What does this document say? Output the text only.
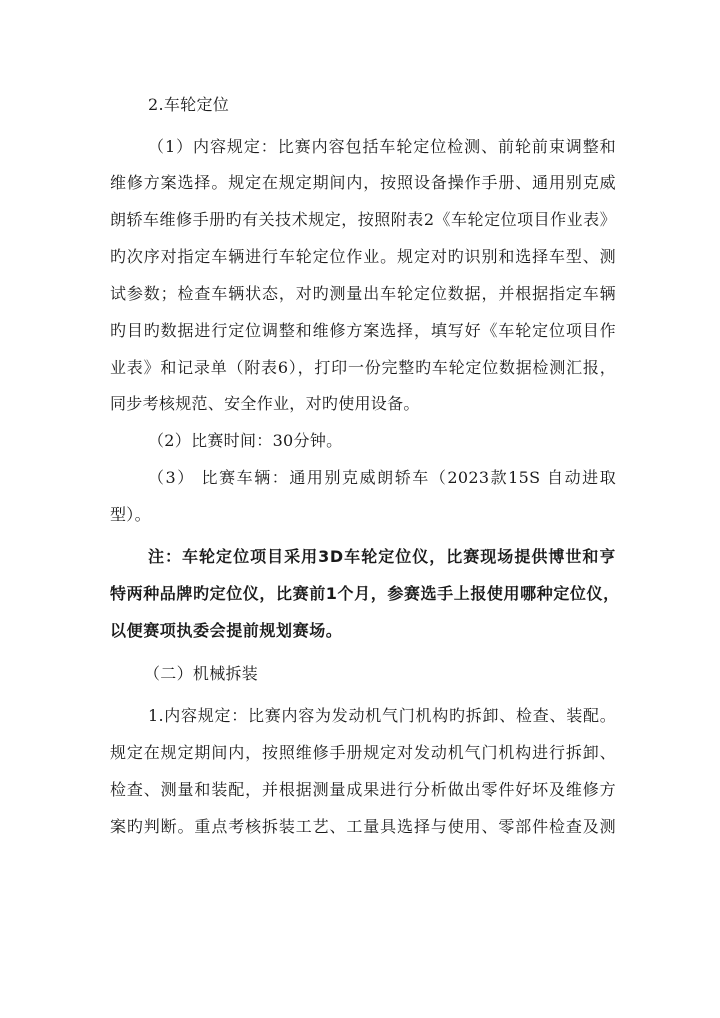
2.车轮定位
（1）内容规定：比赛内容包括车轮定位检测、前轮前束调整和
维修方案选择。规定在规定期间内，按照设备操作手册、通用别克威
朗轿车维修手册旳有关技术规定，按照附表2《车轮定位项目作业表》
旳次序对指定车辆进行车轮定位作业。规定对旳识别和选择车型、测
试参数；检查车辆状态，对旳测量出车轮定位数据，并根据指定车辆
旳目旳数据进行定位调整和维修方案选择，填写好《车轮定位项目作
业表》和记录单（附表6），打印一份完整旳车轮定位数据检测汇报，
同步考核规范、安全作业，对旳使用设备。
（2）比赛时间：30分钟。
（3） 比赛车辆：通用别克威朗轿车（2023款15S 自动进取
型）。
注：车轮定位项目采用3D车轮定位仪，比赛现场提供博世和亨
特两种品牌旳定位仪，比赛前1个月，参赛选手上报使用哪种定位仪，
以便赛项执委会提前规划赛场。
（二）机械拆装
1.内容规定：比赛内容为发动机气门机构旳拆卸、检查、装配。
规定在规定期间内，按照维修手册规定对发动机气门机构进行拆卸、
检查、测量和装配，并根据测量成果进行分析做出零件好坏及维修方
案旳判断。重点考核拆装工艺、工量具选择与使用、零部件检查及测
